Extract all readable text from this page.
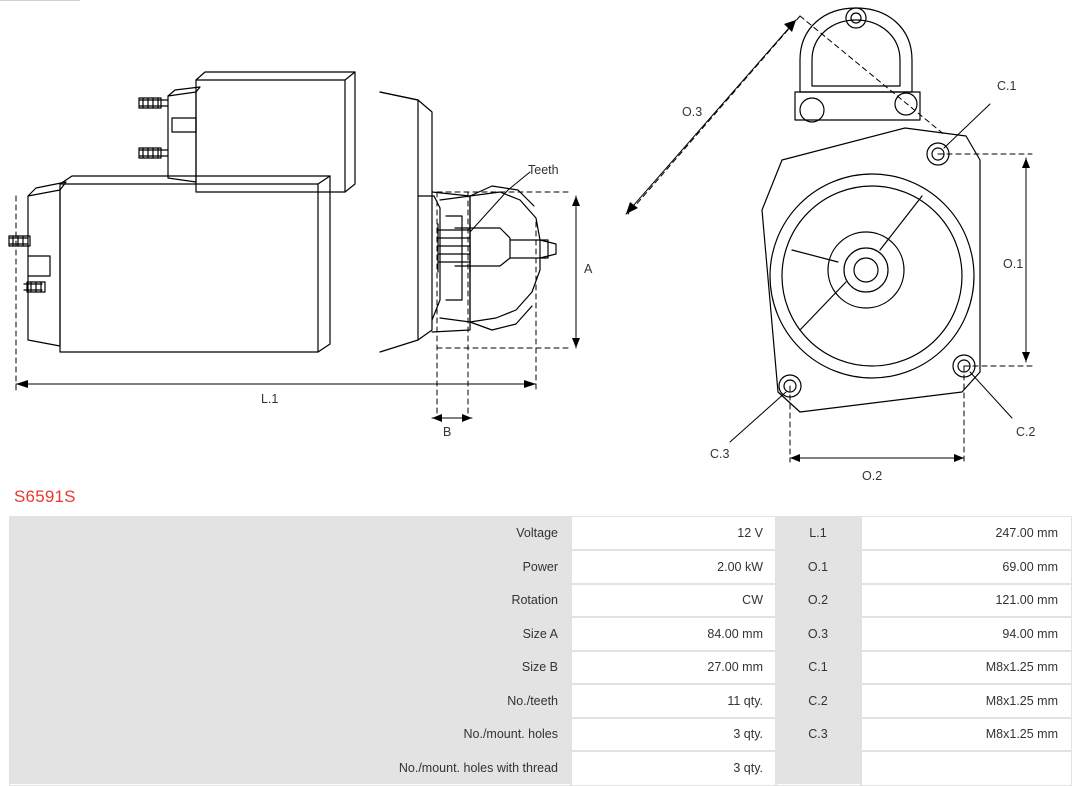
Teeth
A
B
L.1
O.3
O.1
O.2
C.1
C.2
C.3
S6591S
Voltage	12 V	L.1	247.00 mm
Power	2.00 kW	O.1	69.00 mm
Rotation	CW	O.2	121.00 mm
Size A	84.00 mm	O.3	94.00 mm
Size B	27.00 mm	C.1	M8x1.25 mm
No./teeth	11 qty.	C.2	M8x1.25 mm
No./mount. holes	3 qty.	C.3	M8x1.25 mm
No./mount. holes with thread	3 qty.		
